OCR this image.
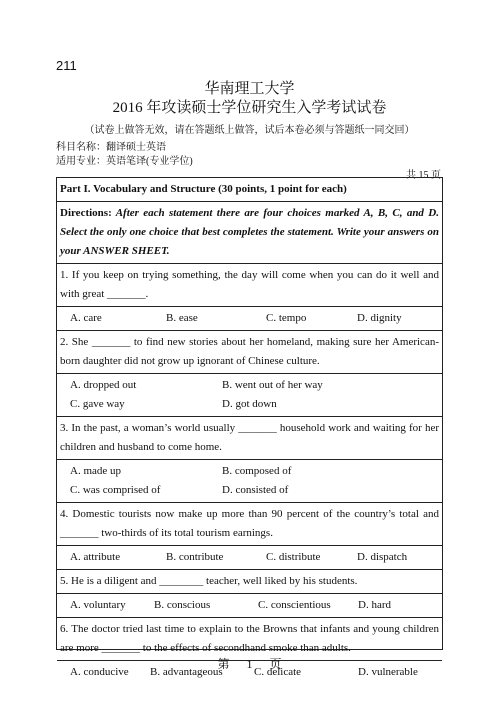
211
华南理工大学
2016 年攻读硕士学位研究生入学考试试卷
（试卷上做答无效，请在答题纸上做答，试后本卷必须与答题纸一同交回）
科目名称：翻译硕士英语
适用专业：英语笔译(专业学位)
共 15 页
Part I. Vocabulary and Structure (30 points, 1 point for each)
Directions: After each statement there are four choices marked A, B, C, and D. Select the only one choice that best completes the statement. Write your answers on your ANSWER SHEET.
1. If you keep on trying something, the day will come when you can do it well and with great _______.
A. care	B. ease	C. tempo	D. dignity
2. She _______ to find new stories about her homeland, making sure her American-born daughter did not grow up ignorant of Chinese culture.
A. dropped out	B. went out of her way
C. gave way	D. got down
3. In the past, a woman’s world usually _______ household work and waiting for her children and husband to come home.
A. made up	B. composed of
C. was comprised of	D. consisted of
4. Domestic tourists now make up more than 90 percent of the country’s total and _______ two-thirds of its total tourism earnings.
A. attribute	B. contribute	C. distribute	D. dispatch
5. He is a diligent and ________ teacher, well liked by his students.
A. voluntary	B. conscious	C. conscientious	D. hard
6. The doctor tried last time to explain to the Browns that infants and young children are more _______ to the effects of secondhand smoke than adults.
A. conducive	B. advantageous	C. delicate	D. vulnerable
第 1 页
